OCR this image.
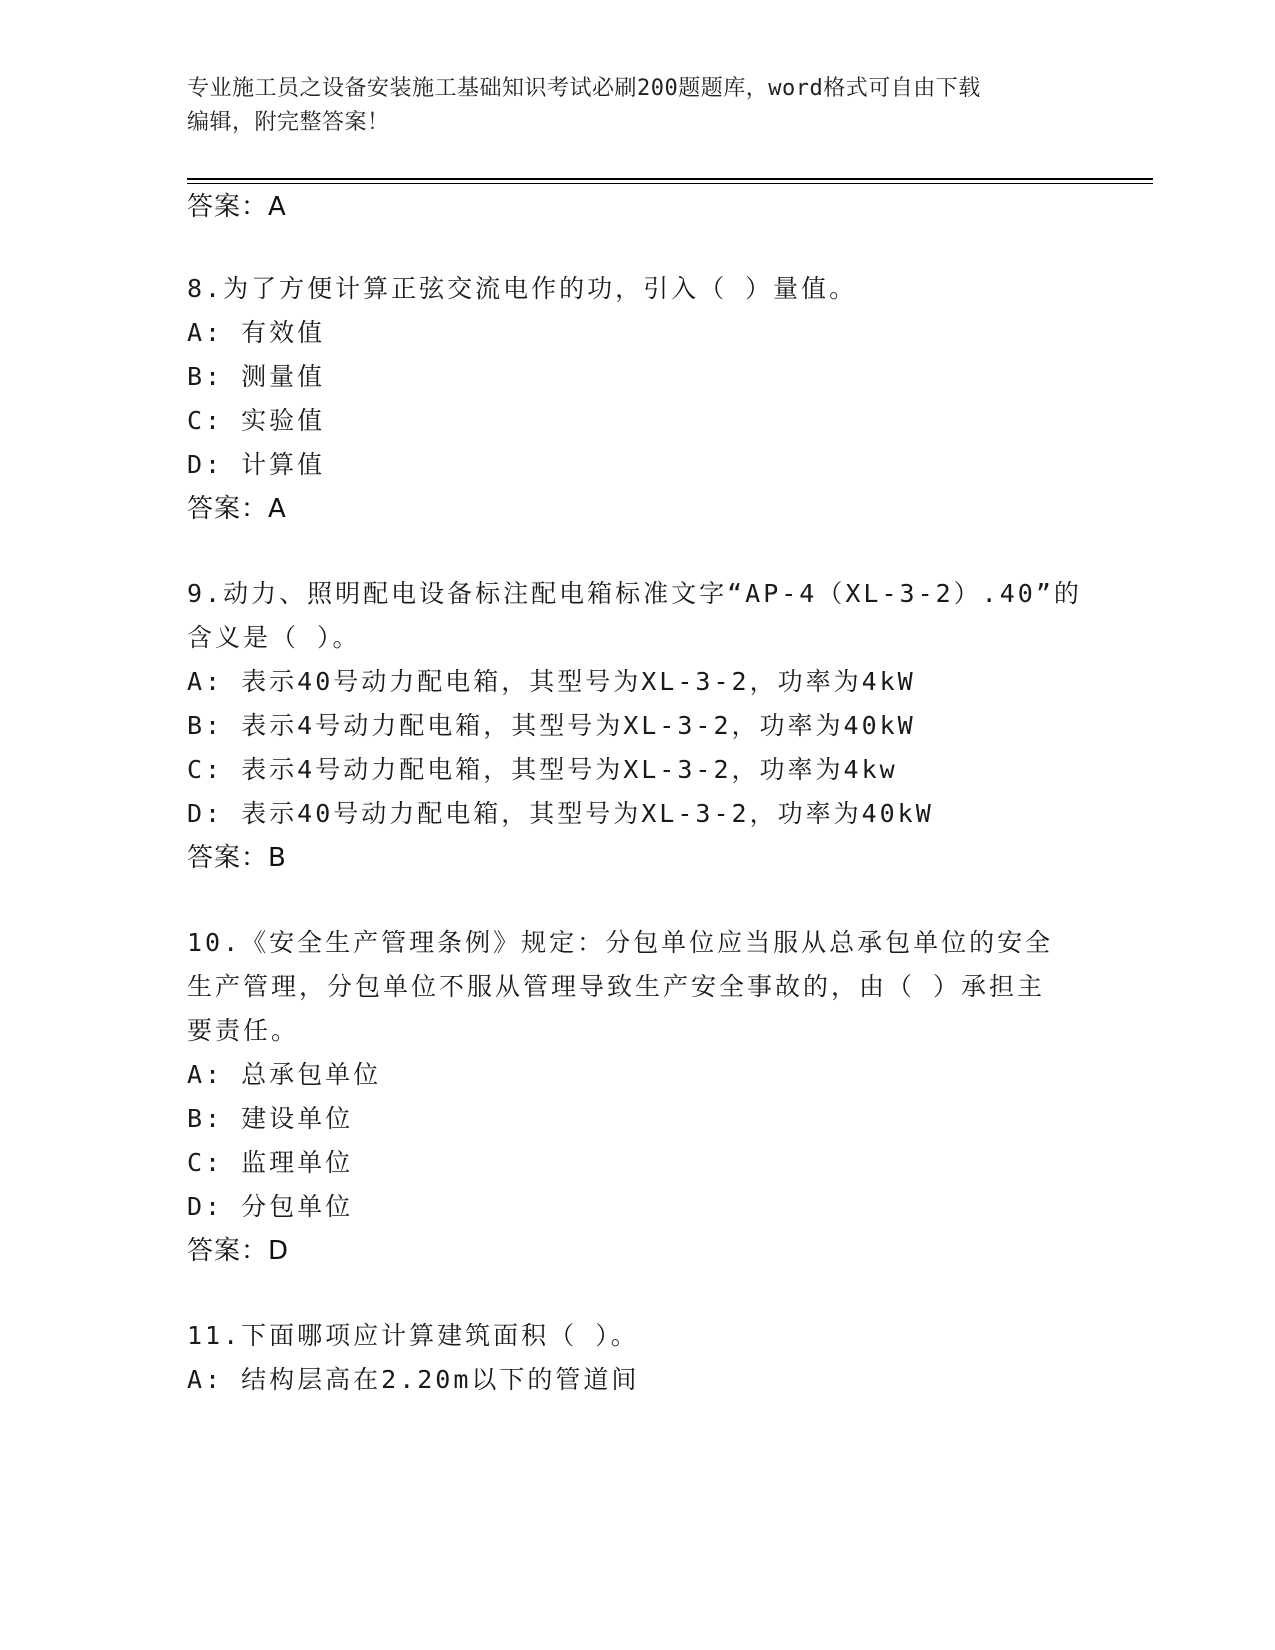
专业施工员之设备安装施工基础知识考试必刷200题题库，word格式可自由下载
编辑，附完整答案！
答案：A
8.为了方便计算正弦交流电作的功，引入（ ）量值。
A: 有效值
B: 测量值
C: 实验值
D: 计算值
答案：A
9.动力、照明配电设备标注配电箱标准文字“AP-4（XL-3-2）.40”的
含义是（ ）。
A: 表示40号动力配电箱，其型号为XL-3-2，功率为4kW
B: 表示4号动力配电箱，其型号为XL-3-2，功率为40kW
C: 表示4号动力配电箱，其型号为XL-3-2，功率为4kw
D: 表示40号动力配电箱，其型号为XL-3-2，功率为40kW
答案：B
10.《安全生产管理条例》规定：分包单位应当服从总承包单位的安全
生产管理，分包单位不服从管理导致生产安全事故的，由（ ）承担主
要责任。
A: 总承包单位
B: 建设单位
C: 监理单位
D: 分包单位
答案：D
11.下面哪项应计算建筑面积（ ）。
A: 结构层高在2.20m以下的管道间
